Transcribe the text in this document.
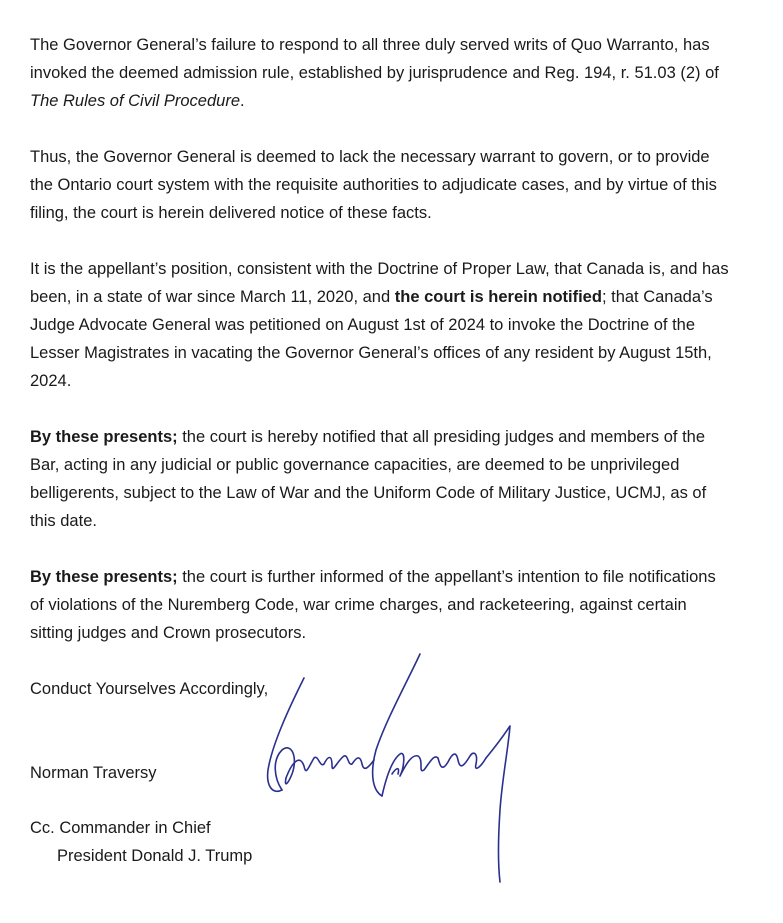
The Governor General’s failure to respond to all three duly served writs of Quo Warranto, has invoked the deemed admission rule, established by jurisprudence and Reg. 194, r. 51.03 (2) of The Rules of Civil Procedure.

Thus, the Governor General is deemed to lack the necessary warrant to govern, or to provide the Ontario court system with the requisite authorities to adjudicate cases, and by virtue of this filing, the court is herein delivered notice of these facts.

It is the appellant’s position, consistent with the Doctrine of Proper Law, that Canada is, and has been, in a state of war since March 11, 2020, and the court is herein notified; that Canada’s Judge Advocate General was petitioned on August 1st of 2024 to invoke the Doctrine of the Lesser Magistrates in vacating the Governor General’s offices of any resident by August 15th, 2024.

By these presents; the court is hereby notified that all presiding judges and members of the Bar, acting in any judicial or public governance capacities, are deemed to be unprivileged belligerents, subject to the Law of War and the Uniform Code of Military Justice, UCMJ, as of this date.

By these presents; the court is further informed of the appellant’s intention to file notifications of violations of the Nuremberg Code, war crime charges, and racketeering, against certain sitting judges and Crown prosecutors.

Conduct Yourselves Accordingly,

Norman Traversy

Cc. Commander in Chief

President Donald J. Trump
